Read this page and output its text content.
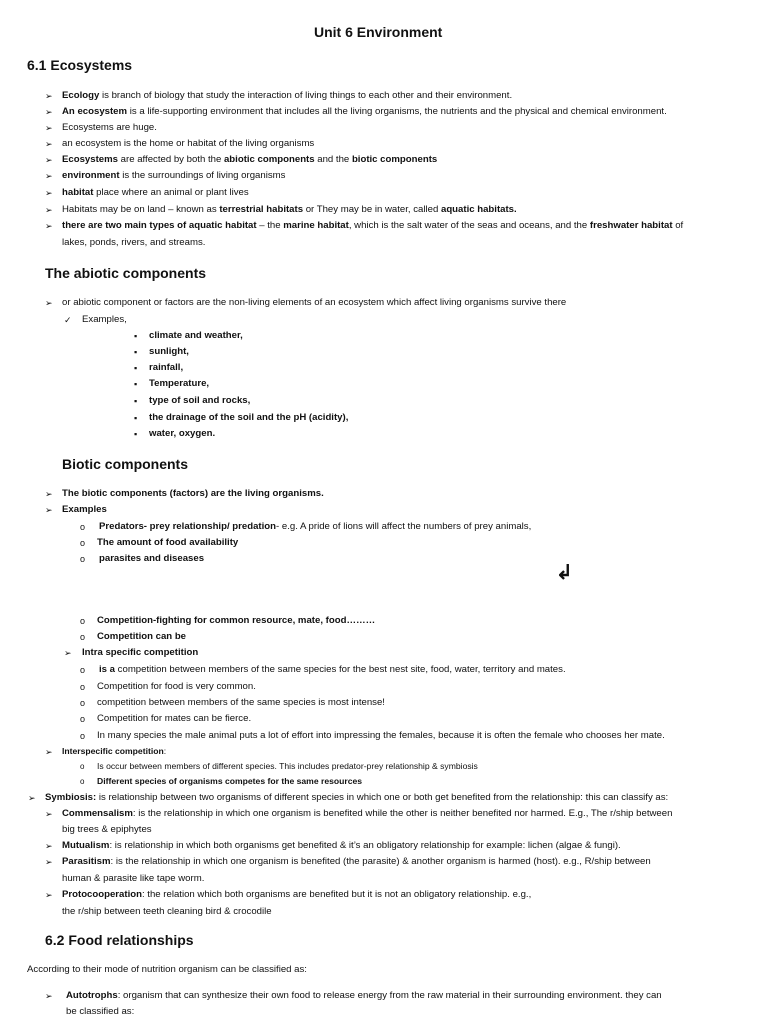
Unit 6 Environment
6.1 Ecosystems
➢ Ecology is branch of biology that study the interaction of living things to each other and their environment.
➢ An ecosystem is a life-supporting environment that includes all the living organisms, the nutrients and the physical and chemical environment.
➢ Ecosystems are huge.
➢ an ecosystem is the home or habitat of the living organisms
➢ Ecosystems are affected by both the abiotic components and the biotic components
➢ environment is the surroundings of living organisms
➢ habitat place where an animal or plant lives
➢ Habitats may be on land – known as terrestrial habitats or They may be in water, called aquatic habitats.
➢ there are two main types of aquatic habitat – the marine habitat, which is the salt water of the seas and oceans, and the freshwater habitat of
lakes, ponds, rivers, and streams.
The abiotic components
➢ or abiotic component or factors are the non-living elements of an ecosystem which affect living organisms survive there
✓ Examples,
▪ climate and weather,
▪ sunlight,
▪ rainfall,
▪ Temperature,
▪ type of soil and rocks,
▪ the drainage of the soil and the pH (acidity),
▪ water, oxygen.
Biotic components
➢ The biotic components (factors) are the living organisms.
➢ Examples
o Predators- prey relationship/ predation- e.g. A pride of lions will affect the numbers of prey animals,
o The amount of food availability
o parasites and diseases
↲
o Competition-fighting for common resource, mate, food………
o Competition can be
➢ Intra specific competition
o is a competition between members of the same species for the best nest site, food, water, territory and mates.
o Competition for food is very common.
o competition between members of the same species is most intense!
o Competition for mates can be fierce.
o In many species the male animal puts a lot of effort into impressing the females, because it is often the female who chooses her mate.
➢ Interspecific competition:
o Is occur between members of different species. This includes predator-prey relationship & symbiosis
o Different species of organisms competes for the same resources
➢ Symbiosis: is relationship between two organisms of different species in which one or both get benefited from the relationship: this can classify as:
➢ Commensalism: is the relationship in which one organism is benefited while the other is neither benefited nor harmed. E.g., The r/ship between
big trees & epiphytes
➢ Mutualism: is relationship in which both organisms get benefited & it’s an obligatory relationship for example: lichen (algae & fungi).
➢ Parasitism: is the relationship in which one organism is benefited (the parasite) & another organism is harmed (host). e.g., R/ship between
human & parasite like tape worm.
➢ Protocooperation: the relation which both organisms are benefited but it is not an obligatory relationship. e.g.,
the r/ship between teeth cleaning bird & crocodile
6.2 Food relationships
According to their mode of nutrition organism can be classified as:
➢ Autotrophs: organism that can synthesize their own food to release energy from the raw material in their surrounding environment. they can
be classified as:
